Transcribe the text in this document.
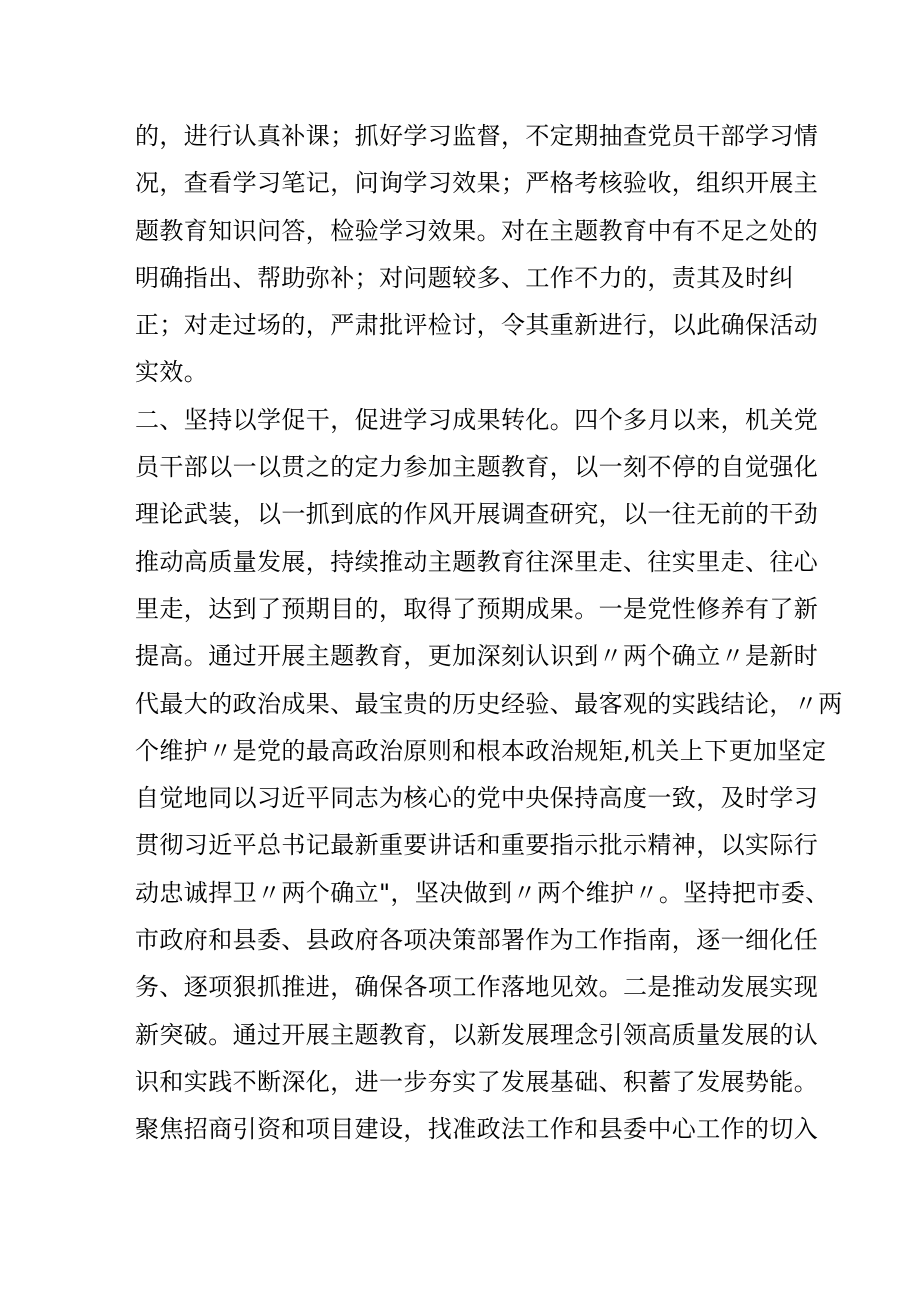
的，进行认真补课；抓好学习监督，不定期抽查党员干部学习情
况，查看学习笔记，问询学习效果；严格考核验收，组织开展主
题教育知识问答，检验学习效果。对在主题教育中有不足之处的
明确指出、帮助弥补；对问题较多、工作不力的，责其及时纠
正；对走过场的，严肃批评检讨，令其重新进行，以此确保活动
实效。
二、坚持以学促干，促进学习成果转化。四个多月以来，机关党
员干部以一以贯之的定力参加主题教育，以一刻不停的自觉强化
理论武装，以一抓到底的作风开展调查研究，以一往无前的干劲
推动高质量发展，持续推动主题教育往深里走、往实里走、往心
里走，达到了预期目的，取得了预期成果。一是党性修养有了新
提高。通过开展主题教育，更加深刻认识到〃两个确立〃是新时
代最大的政治成果、最宝贵的历史经验、最客观的实践结论，〃两
个维护〃是党的最高政治原则和根本政治规矩,机关上下更加坚定
自觉地同以习近平同志为核心的党中央保持高度一致，及时学习
贯彻习近平总书记最新重要讲话和重要指示批示精神，以实际行
动忠诚捍卫〃两个确立"，坚决做到〃两个维护〃。坚持把市委、
市政府和县委、县政府各项决策部署作为工作指南，逐一细化任
务、逐项狠抓推进，确保各项工作落地见效。二是推动发展实现
新突破。通过开展主题教育，以新发展理念引领高质量发展的认
识和实践不断深化，进一步夯实了发展基础、积蓄了发展势能。
聚焦招商引资和项目建设，找准政法工作和县委中心工作的切入
